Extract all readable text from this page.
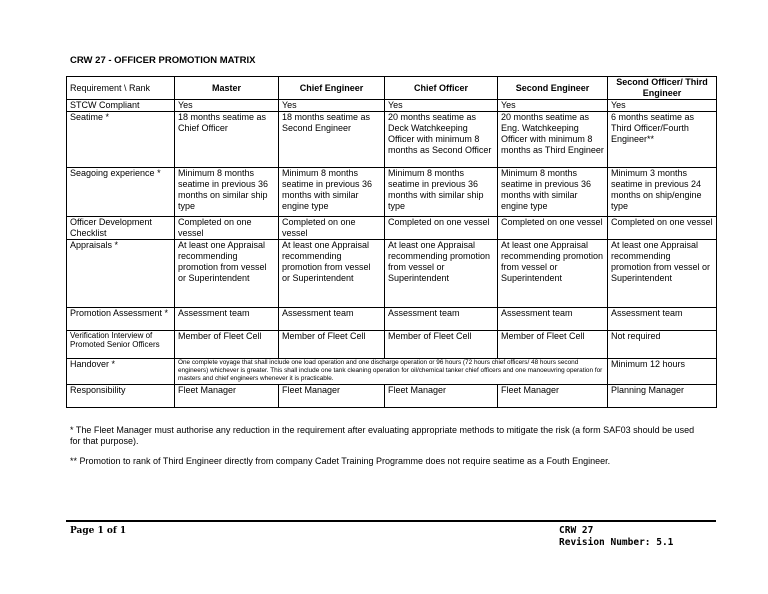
CRW 27 - OFFICER PROMOTION MATRIX
Requirement \ Rank	Master	Chief Engineer	Chief Officer	Second Engineer	Second Officer/ Third Engineer
STCW Compliant	Yes	Yes	Yes	Yes	Yes
Seatime *	18 months seatime as Chief Officer	18 months seatime as Second Engineer	20 months seatime as Deck Watchkeeping Officer with minimum 8 months as Second Officer	20 months seatime as Eng. Watchkeeping Officer with minimum 8 months as Third Engineer	6 months seatime as Third Officer/Fourth Engineer**
Seagoing experience *	Minimum 8 months seatime in previous 36 months on similar ship type	Minimum 8 months seatime in previous 36 months with similar engine type	Minimum 8 months seatime in previous 36 months with similar ship type	Minimum 8 months seatime in previous 36 months with similar engine type	Minimum 3 months seatime in previous 24 months on ship/engine type
Officer Development Checklist	Completed on one vessel	Completed on one vessel	Completed on one vessel	Completed on one vessel	Completed on one vessel
Appraisals *	At least one Appraisal recommending promotion from vessel or Superintendent	At least one Appraisal recommending promotion from vessel or Superintendent	At least one Appraisal recommending promotion from vessel or Superintendent	At least one Appraisal recommending promotion from vessel or Superintendent	At least one Appraisal recommending promotion from vessel or Superintendent
Promotion Assessment *	Assessment team	Assessment team	Assessment team	Assessment team	Assessment team
Verification Interview of Promoted Senior Officers	Member of Fleet Cell	Member of Fleet Cell	Member of Fleet Cell	Member of Fleet Cell	Not required
Handover *	One complete voyage that shall include one load operation and one discharge operation or 96 hours (72 hours chief officers/ 48 hours second engineers) whichever is greater. This shall include one tank cleaning operation for oil/chemical tanker chief officers and one manoeuvring operation for masters and chief engineers whenever it is practicable.				Minimum 12 hours
Responsibility	Fleet Manager	Fleet Manager	Fleet Manager	Fleet Manager	Planning Manager

* The Fleet Manager must authorise any reduction in the requirement after evaluating appropriate methods to mitigate the risk (a form SAF03 should be used for that purpose).

** Promotion to rank of Third Engineer directly from company Cadet Training Programme does not require seatime as a Fouth Engineer.

Page 1 of 1	CRW 27
Revision Number: 5.1
